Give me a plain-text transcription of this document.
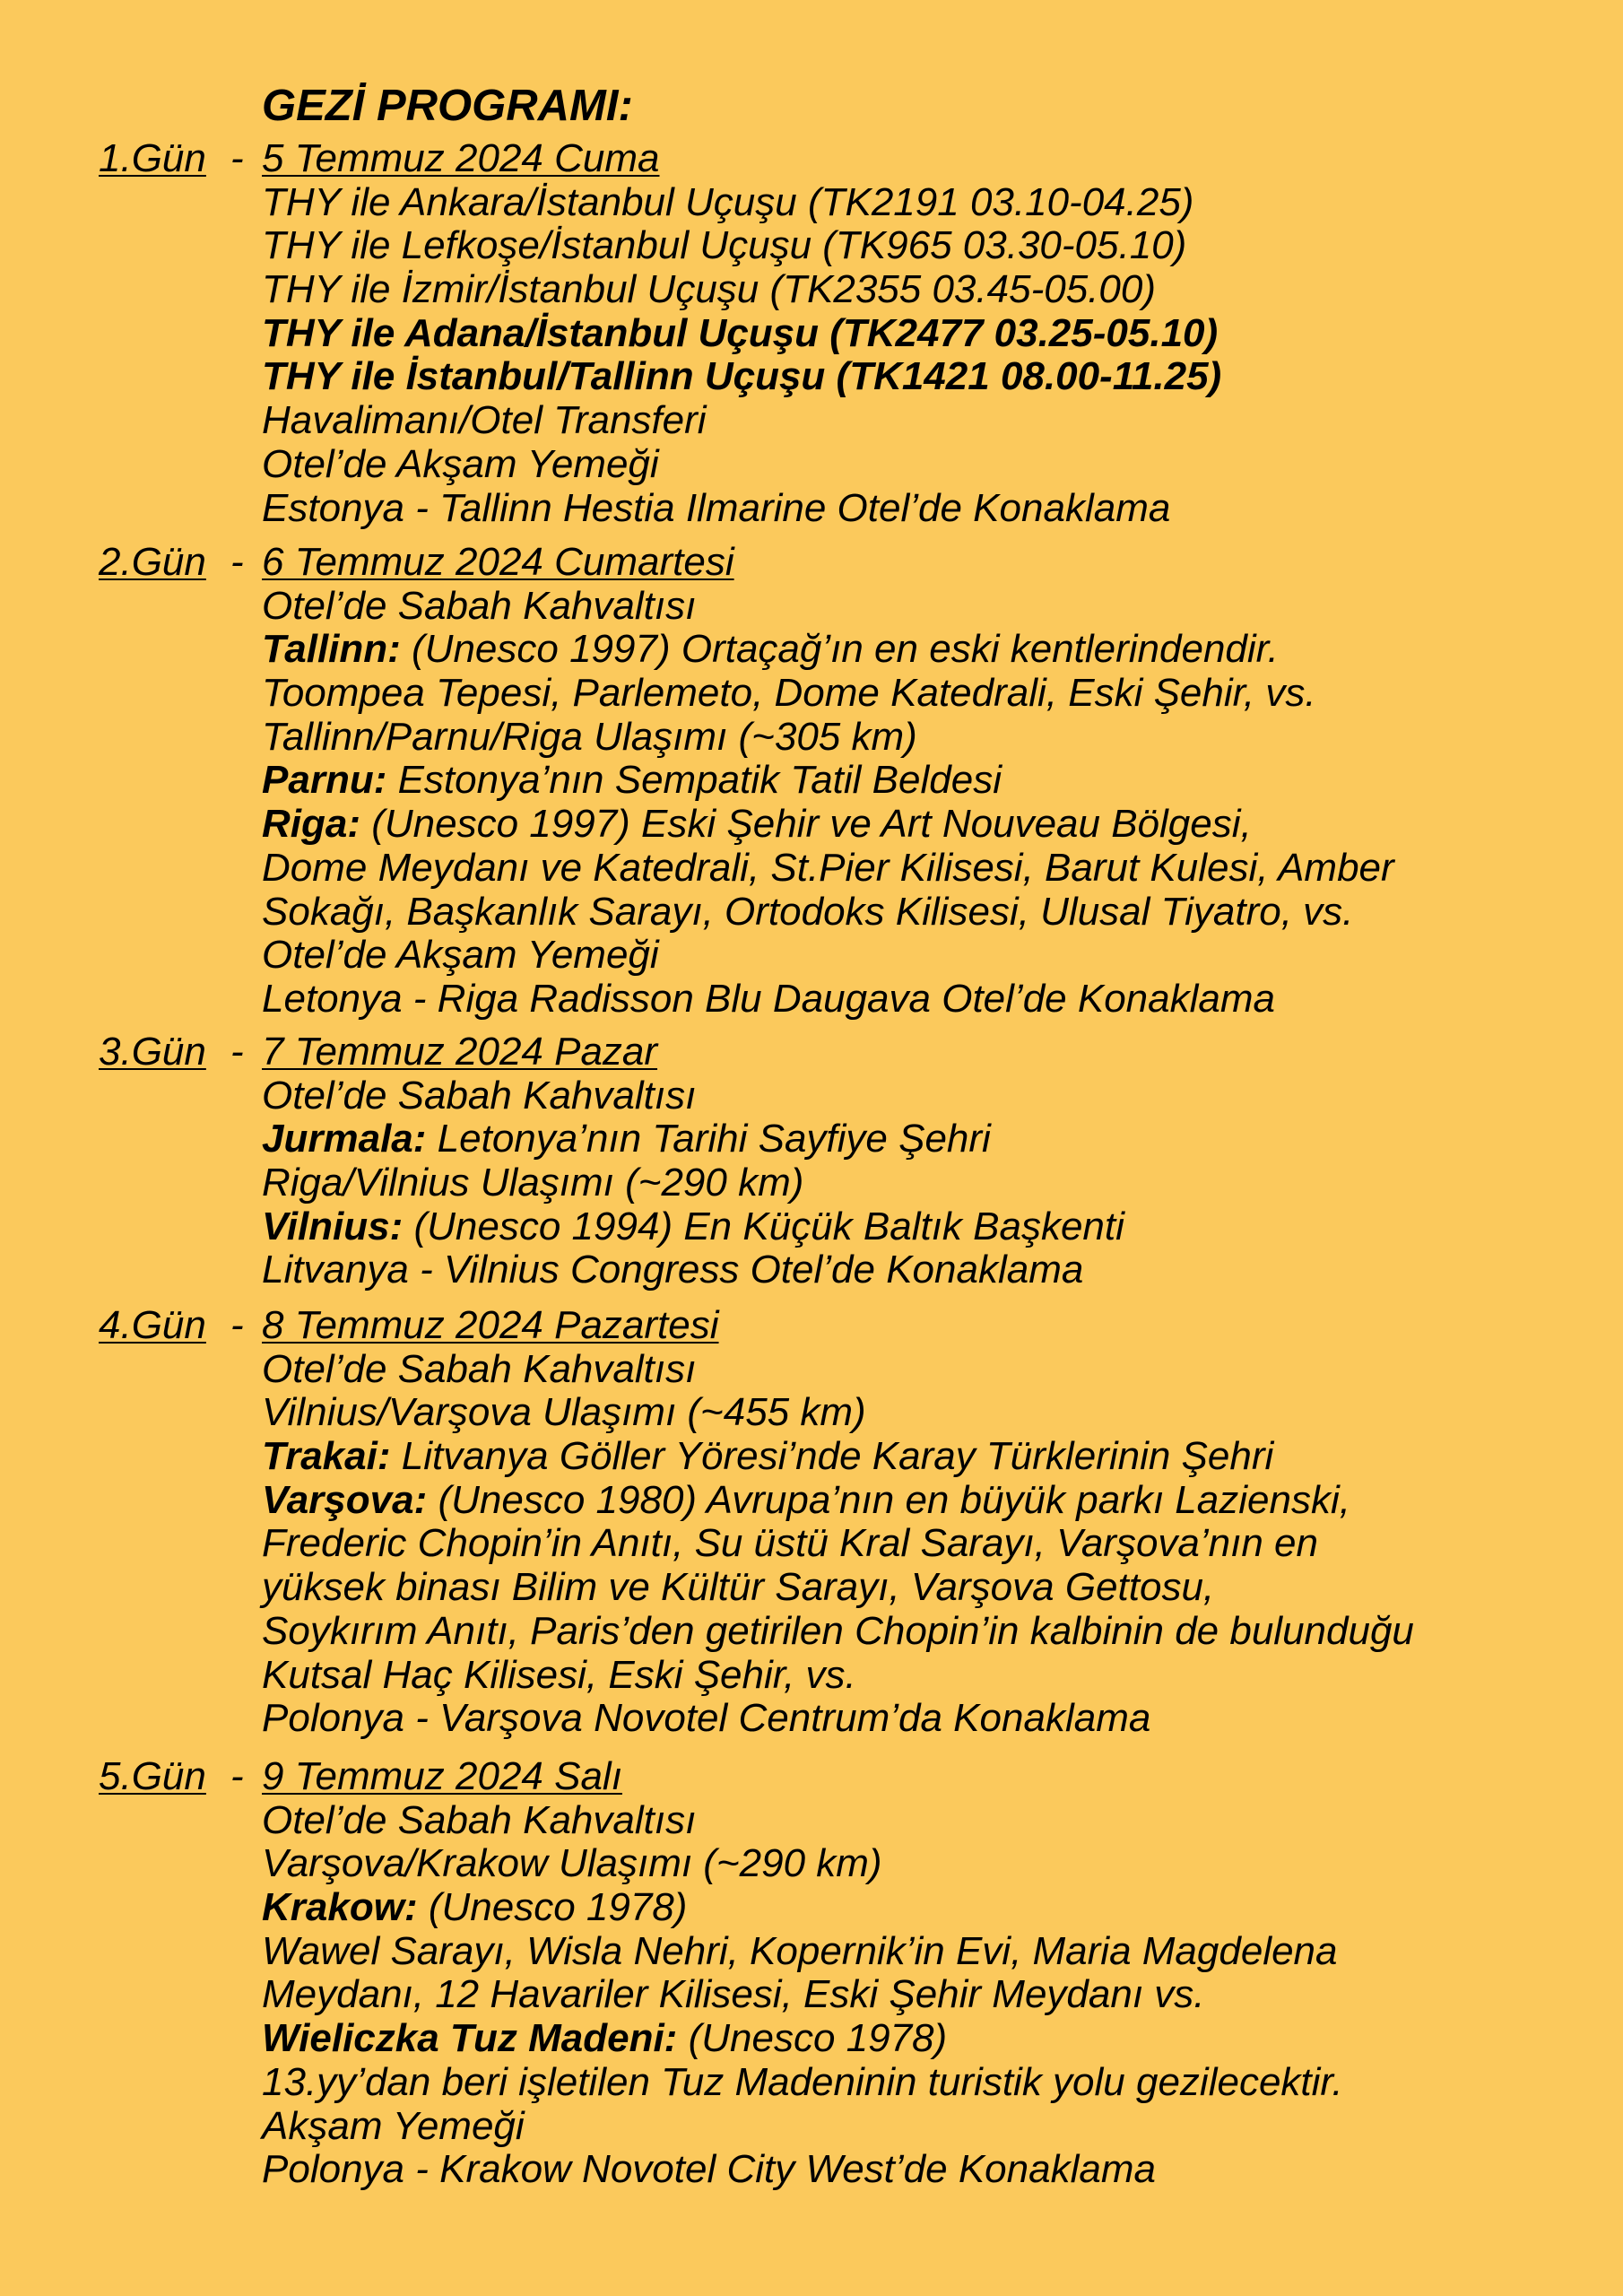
GEZİ PROGRAMI:
1.Gün - 5 Temmuz 2024 Cuma
THY ile Ankara/İstanbul Uçuşu (TK2191 03.10-04.25)
THY ile Lefkoşe/İstanbul Uçuşu (TK965 03.30-05.10)
THY ile İzmir/İstanbul Uçuşu (TK2355 03.45-05.00)
THY ile Adana/İstanbul Uçuşu (TK2477 03.25-05.10)
THY ile İstanbul/Tallinn Uçuşu (TK1421 08.00-11.25)
Havalimanı/Otel Transferi
Otel’de Akşam Yemeği
Estonya - Tallinn Hestia Ilmarine Otel’de Konaklama
2.Gün - 6 Temmuz 2024 Cumartesi
Otel’de Sabah Kahvaltısı
Tallinn: (Unesco 1997) Ortaçağ’ın en eski kentlerindendir.
Toompea Tepesi, Parlemeto, Dome Katedrali, Eski Şehir, vs.
Tallinn/Parnu/Riga Ulaşımı (~305 km)
Parnu: Estonya’nın Sempatik Tatil Beldesi
Riga: (Unesco 1997) Eski Şehir ve Art Nouveau Bölgesi,
Dome Meydanı ve Katedrali, St.Pier Kilisesi, Barut Kulesi, Amber
Sokağı, Başkanlık Sarayı, Ortodoks Kilisesi, Ulusal Tiyatro, vs.
Otel’de Akşam Yemeği
Letonya - Riga Radisson Blu Daugava Otel’de Konaklama
3.Gün - 7 Temmuz 2024 Pazar
Otel’de Sabah Kahvaltısı
Jurmala: Letonya’nın Tarihi Sayfiye Şehri
Riga/Vilnius Ulaşımı (~290 km)
Vilnius: (Unesco 1994) En Küçük Baltık Başkenti
Litvanya - Vilnius Congress Otel’de Konaklama
4.Gün - 8 Temmuz 2024 Pazartesi
Otel’de Sabah Kahvaltısı
Vilnius/Varşova Ulaşımı (~455 km)
Trakai: Litvanya Göller Yöresi’nde Karay Türklerinin Şehri
Varşova: (Unesco 1980) Avrupa’nın en büyük parkı Lazienski,
Frederic Chopin’in Anıtı, Su üstü Kral Sarayı, Varşova’nın en
yüksek binası Bilim ve Kültür Sarayı, Varşova Gettosu,
Soykırım Anıtı, Paris’den getirilen Chopin’in kalbinin de bulunduğu
Kutsal Haç Kilisesi, Eski Şehir, vs.
Polonya - Varşova Novotel Centrum’da Konaklama
5.Gün - 9 Temmuz 2024 Salı
Otel’de Sabah Kahvaltısı
Varşova/Krakow Ulaşımı (~290 km)
Krakow: (Unesco 1978)
Wawel Sarayı, Wisla Nehri, Kopernik’in Evi, Maria Magdelena
Meydanı, 12 Havariler Kilisesi, Eski Şehir Meydanı vs.
Wieliczka Tuz Madeni: (Unesco 1978)
13.yy’dan beri işletilen Tuz Madeninin turistik yolu gezilecektir.
Akşam Yemeği
Polonya - Krakow Novotel City West’de Konaklama
